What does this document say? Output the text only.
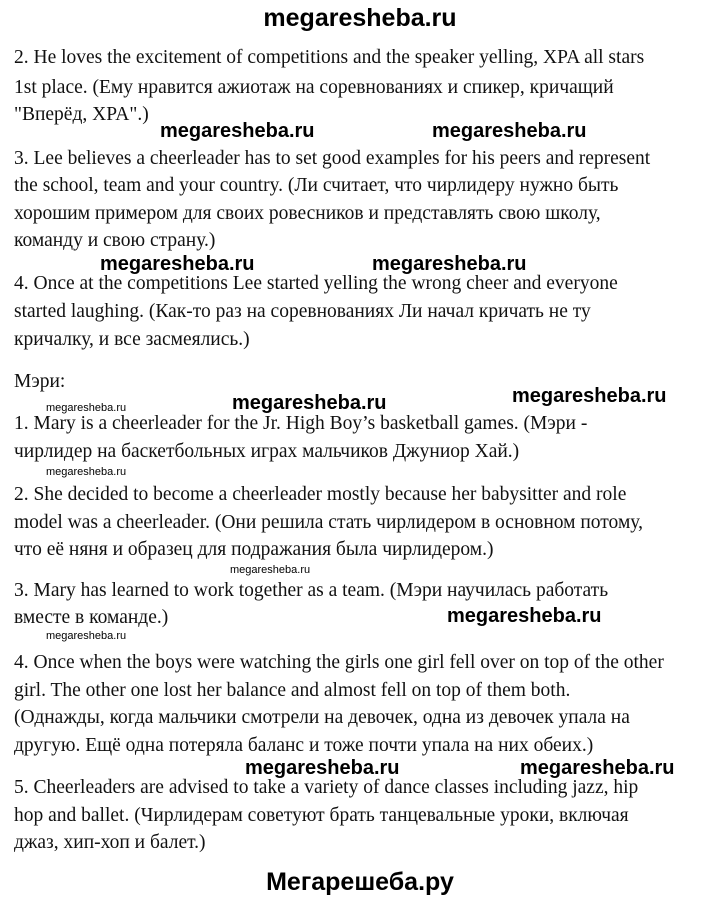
megaresheba.ru
Мегарешеба.ру
2. He loves the excitement of competitions and the speaker yelling, XPA all stars
1st place. (Ему нравится ажиотаж на соревнованиях и спикер, кричащий
"Вперёд, XPA".)
3. Lee believes a cheerleader has to set good examples for his peers and represent
the school, team and your country. (Ли считает, что чирлидеру нужно быть
хорошим примером для своих ровесников и представлять свою школу,
команду и свою страну.)
4. Once at the competitions Lee started yelling the wrong cheer and everyone
started laughing. (Как-то раз на соревнованиях Ли начал кричать не ту
кричалку, и все засмеялись.)
Мэри:
1. Mary is a cheerleader for the Jr. High Boy’s basketball games. (Мэри -
чирлидер на баскетбольных играх мальчиков Джуниор Хай.)
2. She decided to become a cheerleader mostly because her babysitter and role
model was a cheerleader. (Они решила стать чирлидером в основном потому,
что её няня и образец для подражания была чирлидером.)
3. Mary has learned to work together as a team. (Мэри научилась работать
вместе в команде.)
4. Once when the boys were watching the girls one girl fell over on top of the other
girl. The other one lost her balance and almost fell on top of them both.
(Однажды, когда мальчики смотрели на девочек, одна из девочек упала на
другую. Ещё одна потеряла баланс и тоже почти упала на них обеих.)
5. Cheerleaders are advised to take a variety of dance classes including jazz, hip
hop and ballet. (Чирлидерам советуют брать танцевальные уроки, включая
джаз, хип-хоп и балет.)
megaresheba.ru	megaresheba.ru
megaresheba.ru	megaresheba.ru
megaresheba.ru	megaresheba.ru
megaresheba.ru
megaresheba.ru
megaresheba.ru
megaresheba.ru
megaresheba.ru
megaresheba.ru	megaresheba.ru
